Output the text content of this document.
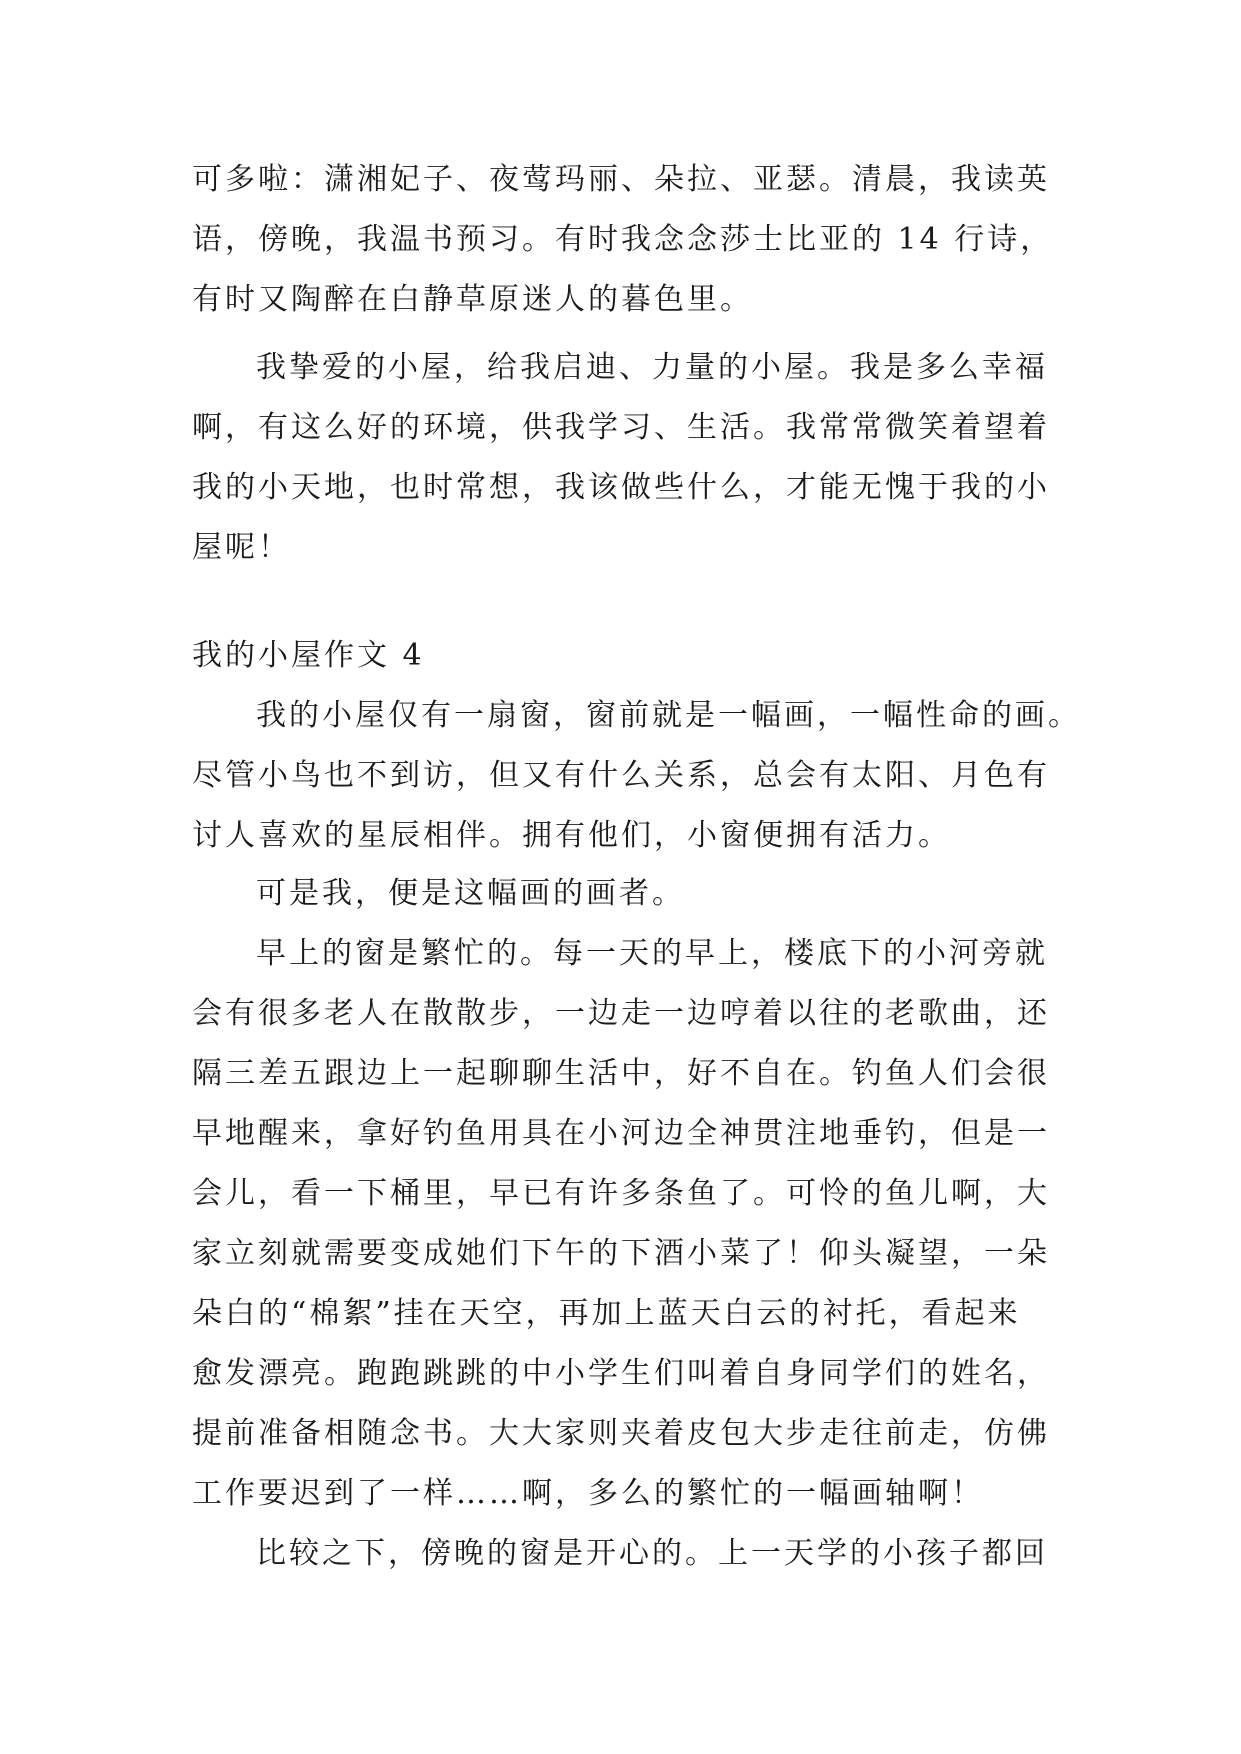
可多啦：潇湘妃子、夜莺玛丽、朵拉、亚瑟。清晨，我读英
语，傍晚，我温书预习。有时我念念莎士比亚的 14 行诗，
有时又陶醉在白静草原迷人的暮色里。
我挚爱的小屋，给我启迪、力量的小屋。我是多么幸福
啊，有这么好的环境，供我学习、生活。我常常微笑着望着
我的小天地，也时常想，我该做些什么，才能无愧于我的小
屋呢！
我的小屋作文 4
我的小屋仅有一扇窗，窗前就是一幅画，一幅性命的画。
尽管小鸟也不到访，但又有什么关系，总会有太阳、月色有
讨人喜欢的星辰相伴。拥有他们，小窗便拥有活力。
可是我，便是这幅画的画者。
早上的窗是繁忙的。每一天的早上，楼底下的小河旁就
会有很多老人在散散步，一边走一边哼着以往的老歌曲，还
隔三差五跟边上一起聊聊生活中，好不自在。钓鱼人们会很
早地醒来，拿好钓鱼用具在小河边全神贯注地垂钓，但是一
会儿，看一下桶里，早已有许多条鱼了。可怜的鱼儿啊，大
家立刻就需要变成她们下午的下酒小菜了！仰头凝望，一朵
朵白的“棉絮”挂在天空，再加上蓝天白云的衬托，看起来
愈发漂亮。跑跑跳跳的中小学生们叫着自身同学们的姓名，
提前准备相随念书。大大家则夹着皮包大步走往前走，仿佛
工作要迟到了一样……啊，多么的繁忙的一幅画轴啊！
比较之下，傍晚的窗是开心的。上一天学的小孩子都回
